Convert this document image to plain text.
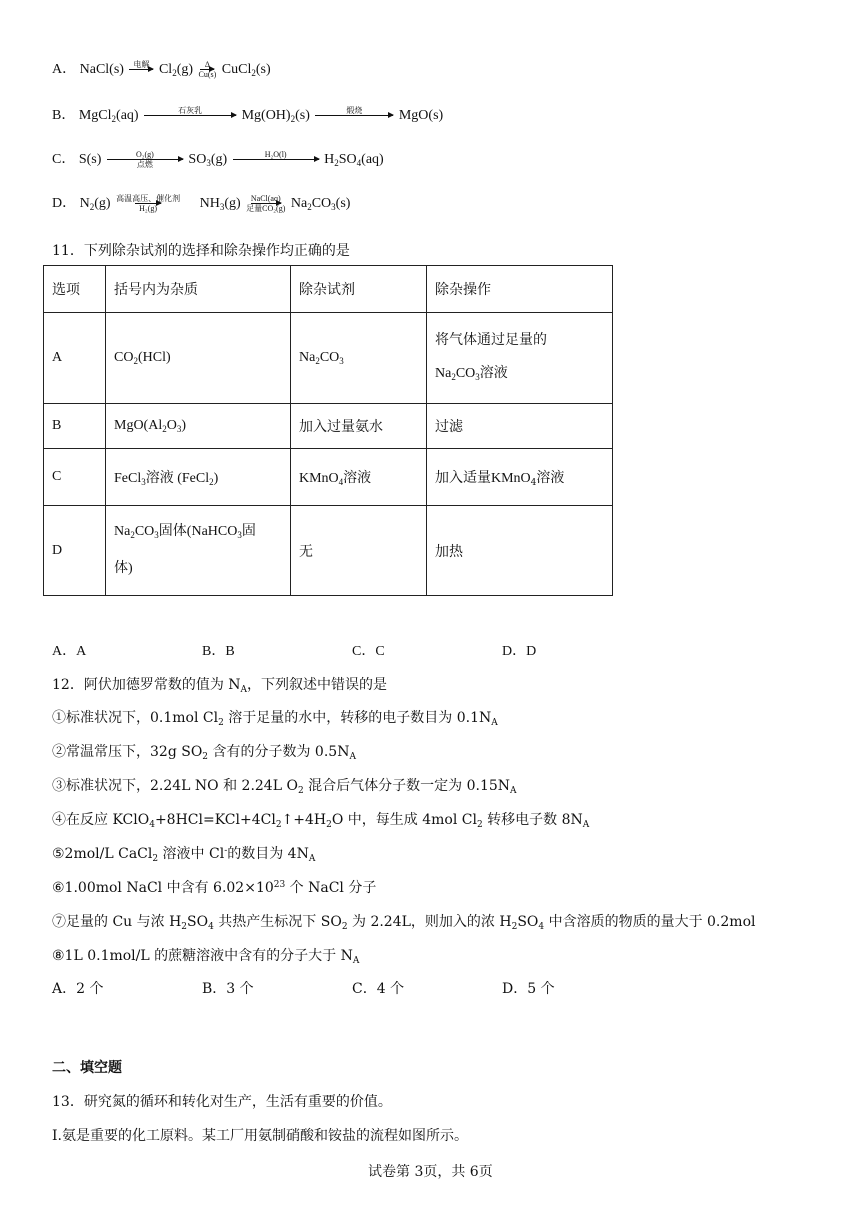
A． NaCl(s) 电解 $Cl_2(g) \frac{\Delta}{Cu(s)}$ CuCl$_2$(s)
B． MgCl$_2$(aq)	石灰乳	$Mg(OH)_2(s)$	煅烧	MgO(s)
C． S(s)	O₂(g)
点燃	$SO_3(g)$	H₂O(l)	$H_2SO_4(aq)$
D． $N_2(g)$ 高温高压、催化剂
H₂(g)	$NH_3(g)$ NaCl(aq)
足量CO₂(g) $Na_2CO_3(s)$
11．下列除杂试剂的选择和除杂操作均正确的是
选项	括号内为杂质	除杂试剂	除杂操作
A	$CO_2(HCl)$	$Na_2CO_3$	将气体通过足量的
$Na_2CO_3$溶液

B	$MgO(Al_2O_3)$	加入过量氨水	过滤
C	FeCl$_3$溶液 (FeCl$_2$)	KMnO$_4$溶液	加入适量KMnO$_4$溶液
D	$Na_2CO_3$固体(NaHCO$_3$固
体)	无	加热
A．A	B．B	C．C	D．D
12．阿伏加德罗常数的值为 $N_A$，下列叙述中错误的是
①标准状况下，0.1mol $Cl_2$ 溶于足量的水中，转移的电子数目为 $0.1N_A$
②常温常压下，32g $SO_2$ 含有的分子数为 $0.5N_A$
③标准状况下，2.24L NO 和 2.24L $O_2$ 混合后气体分子数一定为 $0.15N_A$
④在反应 $KClO_4+8HCl=KCl+4Cl_2↑+4H_2O$ 中，每生成 4mol $Cl_2$ 转移电子数 $8N_A$
⑤2mol/L CaCl$_2$ 溶液中 Cl-的数目为 $4N_A$
⑥1.00mol NaCl 中含有 $6.02\times 10^{23}$ 个 NaCl 分子
⑦足量的 Cu 与浓 $H_2SO_4$ 共热产生标况下 $SO_2$ 为 2.24L，则加入的浓 $H_2SO_4$ 中含溶质的物质的量大于 0.2mol
⑧1L 0.1mol/L 的蔗糖溶液中含有的分子大于 $N_A$
A．2 个	B．3 个	C．4 个	D．5 个
二、填空题
13．研究氮的循环和转化对生产，生活有重要的价值。
I.氨是重要的化工原料。某工厂用氨制硝酸和铵盐的流程如图所示。
试卷第 3页，共 6页
